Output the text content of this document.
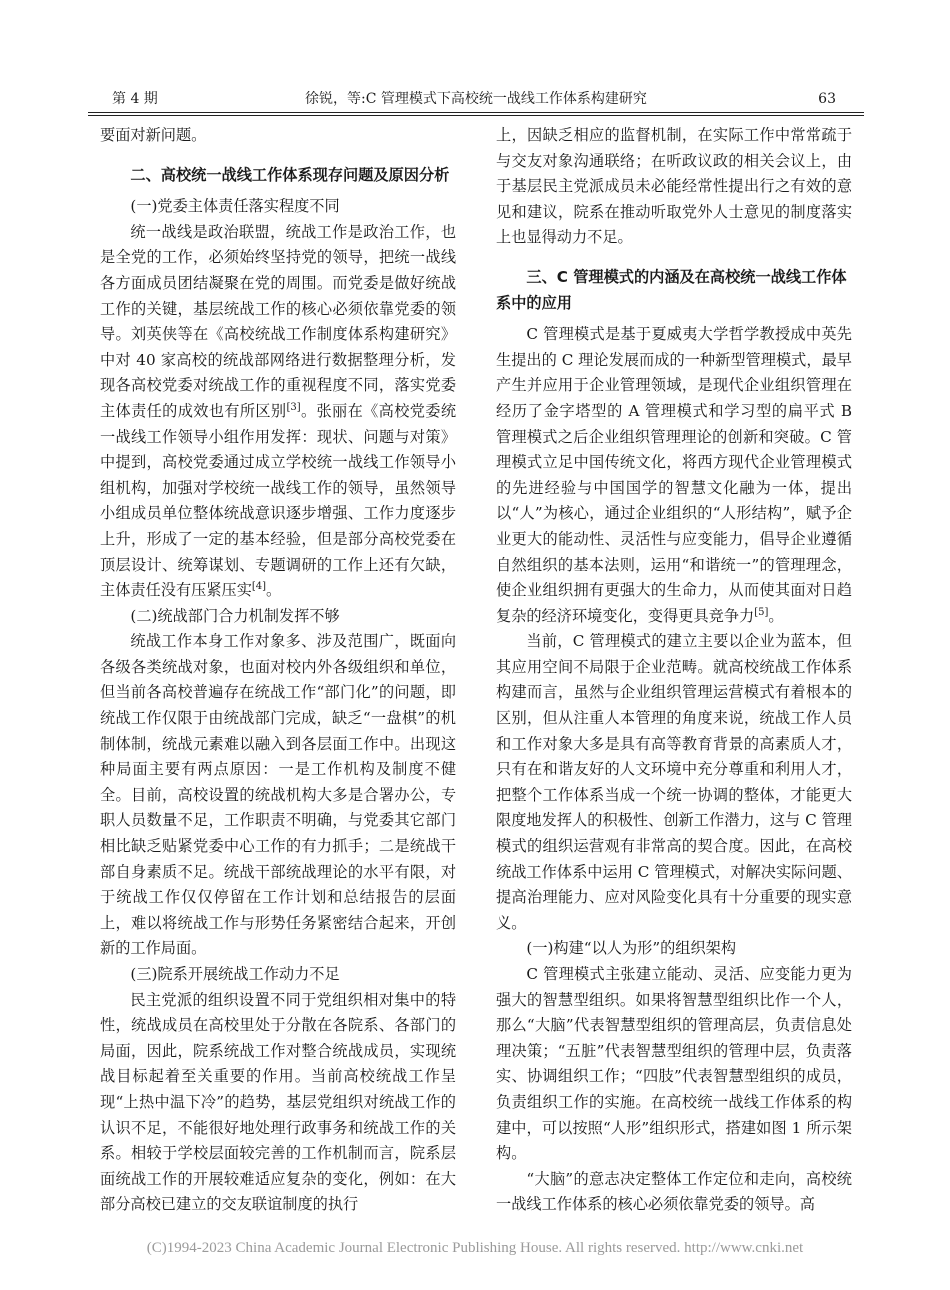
第 4 期	徐锐，等:C 管理模式下高校统一战线工作体系构建研究	63

要面对新问题。

二、高校统一战线工作体系现存问题及原因分析
(一)党委主体责任落实程度不同

统一战线是政治联盟，统战工作是政治工作，也是全党的工作，必须始终坚持党的领导，把统一战线各方面成员团结凝聚在党的周围。而党委是做好统战工作的关键，基层统战工作的核心必须依靠党委的领导。刘英侠等在《高校统战工作制度体系构建研究》中对 40 家高校的统战部网络进行数据整理分析，发现各高校党委对统战工作的重视程度不同，落实党委主体责任的成效也有所区别[3]。张丽在《高校党委统一战线工作领导小组作用发挥：现状、问题与对策》中提到，高校党委通过成立学校统一战线工作领导小组机构，加强对学校统一战线工作的领导，虽然领导小组成员单位整体统战意识逐步增强、工作力度逐步上升，形成了一定的基本经验，但是部分高校党委在顶层设计、统筹谋划、专题调研的工作上还有欠缺，主体责任没有压紧压实[4]。

(二)统战部门合力机制发挥不够

统战工作本身工作对象多、涉及范围广，既面向各级各类统战对象，也面对校内外各级组织和单位，但当前各高校普遍存在统战工作“部门化”的问题，即统战工作仅限于由统战部门完成，缺乏“一盘棋”的机制体制，统战元素难以融入到各层面工作中。出现这种局面主要有两点原因：一是工作机构及制度不健全。目前，高校设置的统战机构大多是合署办公，专职人员数量不足，工作职责不明确，与党委其它部门相比缺乏贴紧党委中心工作的有力抓手；二是统战干部自身素质不足。统战干部统战理论的水平有限，对于统战工作仅仅停留在工作计划和总结报告的层面上，难以将统战工作与形势任务紧密结合起来，开创新的工作局面。

(三)院系开展统战工作动力不足

民主党派的组织设置不同于党组织相对集中的特性，统战成员在高校里处于分散在各院系、各部门的局面，因此，院系统战工作对整合统战成员，实现统战目标起着至关重要的作用。当前高校统战工作呈现“上热中温下冷”的趋势，基层党组织对统战工作的认识不足，不能很好地处理行政事务和统战工作的关系。相较于学校层面较完善的工作机制而言，院系层面统战工作的开展较难适应复杂的变化，例如：在大部分高校已建立的交友联谊制度的执行

上，因缺乏相应的监督机制，在实际工作中常常疏于与交友对象沟通联络；在听政议政的相关会议上，由于基层民主党派成员未必能经常性提出行之有效的意见和建议，院系在推动听取党外人士意见的制度落实上也显得动力不足。

三、C 管理模式的内涵及在高校统一战线工作体系中的应用

C 管理模式是基于夏威夷大学哲学教授成中英先生提出的 C 理论发展而成的一种新型管理模式，最早产生并应用于企业管理领域，是现代企业组织管理在经历了金字塔型的 A 管理模式和学习型的扁平式 B 管理模式之后企业组织管理理论的创新和突破。C 管理模式立足中国传统文化，将西方现代企业管理模式的先进经验与中国国学的智慧文化融为一体，提出以“人”为核心，通过企业组织的“人形结构”，赋予企业更大的能动性、灵活性与应变能力，倡导企业遵循自然组织的基本法则，运用“和谐统一”的管理理念，使企业组织拥有更强大的生命力，从而使其面对日趋复杂的经济环境变化，变得更具竞争力[5]。

当前，C 管理模式的建立主要以企业为蓝本，但其应用空间不局限于企业范畴。就高校统战工作体系构建而言，虽然与企业组织管理运营模式有着根本的区别，但从注重人本管理的角度来说，统战工作人员和工作对象大多是具有高等教育背景的高素质人才，只有在和谐友好的人文环境中充分尊重和利用人才，把整个工作体系当成一个统一协调的整体，才能更大限度地发挥人的积极性、创新工作潜力，这与 C 管理模式的组织运营观有非常高的契合度。因此，在高校统战工作体系中运用 C 管理模式，对解决实际问题、提高治理能力、应对风险变化具有十分重要的现实意义。

(一)构建“以人为形”的组织架构

C 管理模式主张建立能动、灵活、应变能力更为强大的智慧型组织。如果将智慧型组织比作一个人，那么“大脑”代表智慧型组织的管理高层，负责信息处理决策；“五脏”代表智慧型组织的管理中层，负责落实、协调组织工作；“四肢”代表智慧型组织的成员，负责组织工作的实施。在高校统一战线工作体系的构建中，可以按照“人形”组织形式，搭建如图 1 所示架构。

“大脑”的意志决定整体工作定位和走向，高校统一战线工作体系的核心必须依靠党委的领导。高

(C)1994-2023 China Academic Journal Electronic Publishing House. All rights reserved. http://www.cnki.net
